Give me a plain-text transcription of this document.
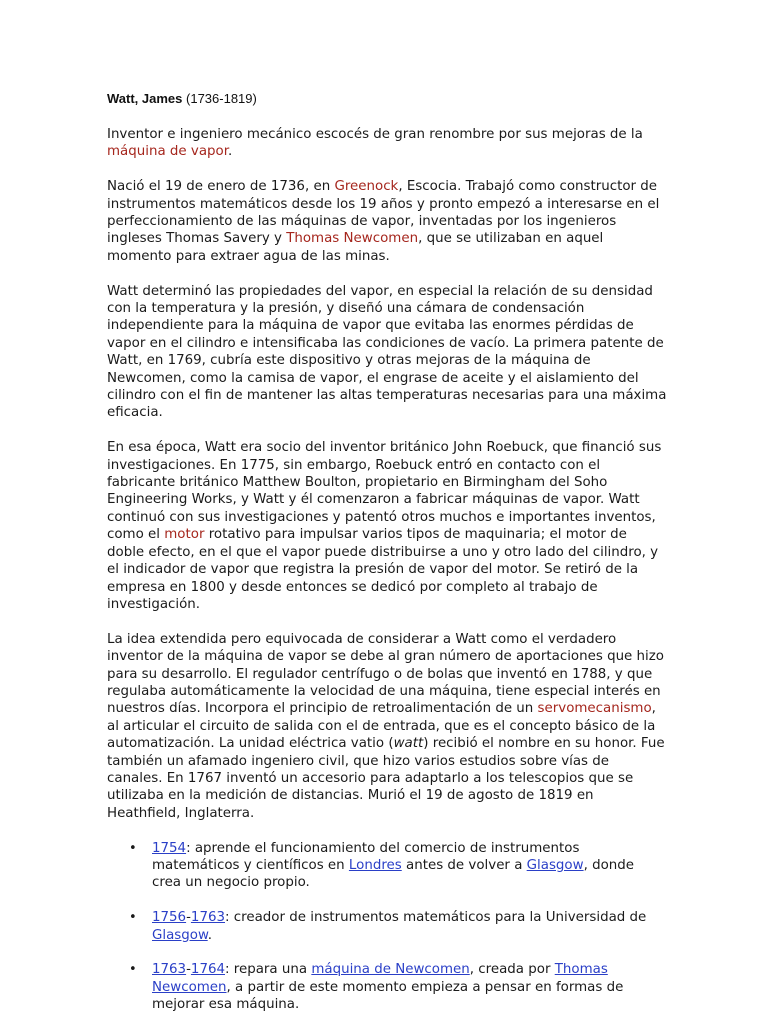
Watt, James (1736-1819)

Inventor e ingeniero mecánico escocés de gran renombre por sus mejoras de la máquina de vapor.

Nació el 19 de enero de 1736, en Greenock, Escocia. Trabajó como constructor de instrumentos matemáticos desde los 19 años y pronto empezó a interesarse en el perfeccionamiento de las máquinas de vapor, inventadas por los ingenieros ingleses Thomas Savery y Thomas Newcomen, que se utilizaban en aquel momento para extraer agua de las minas.

Watt determinó las propiedades del vapor, en especial la relación de su densidad con la temperatura y la presión, y diseñó una cámara de condensación independiente para la máquina de vapor que evitaba las enormes pérdidas de vapor en el cilindro e intensificaba las condiciones de vacío. La primera patente de Watt, en 1769, cubría este dispositivo y otras mejoras de la máquina de Newcomen, como la camisa de vapor, el engrase de aceite y el aislamiento del cilindro con el fin de mantener las altas temperaturas necesarias para una máxima eficacia.

En esa época, Watt era socio del inventor británico John Roebuck, que financió sus investigaciones. En 1775, sin embargo, Roebuck entró en contacto con el fabricante británico Matthew Boulton, propietario en Birmingham del Soho Engineering Works, y Watt y él comenzaron a fabricar máquinas de vapor. Watt continuó con sus investigaciones y patentó otros muchos e importantes inventos, como el motor rotativo para impulsar varios tipos de maquinaria; el motor de doble efecto, en el que el vapor puede distribuirse a uno y otro lado del cilindro, y el indicador de vapor que registra la presión de vapor del motor. Se retiró de la empresa en 1800 y desde entonces se dedicó por completo al trabajo de investigación.

La idea extendida pero equivocada de considerar a Watt como el verdadero inventor de la máquina de vapor se debe al gran número de aportaciones que hizo para su desarrollo. El regulador centrífugo o de bolas que inventó en 1788, y que regulaba automáticamente la velocidad de una máquina, tiene especial interés en nuestros días. Incorpora el principio de retroalimentación de un servomecanismo, al articular el circuito de salida con el de entrada, que es el concepto básico de la automatización. La unidad eléctrica vatio (watt) recibió el nombre en su honor. Fue también un afamado ingeniero civil, que hizo varios estudios sobre vías de canales. En 1767 inventó un accesorio para adaptarlo a los telescopios que se utilizaba en la medición de distancias. Murió el 19 de agosto de 1819 en Heathfield, Inglaterra.

• 1754: aprende el funcionamiento del comercio de instrumentos matemáticos y científicos en Londres antes de volver a Glasgow, donde crea un negocio propio.
• 1756-1763: creador de instrumentos matemáticos para la Universidad de Glasgow.
• 1763-1764: repara una máquina de Newcomen, creada por Thomas Newcomen, a partir de este momento empieza a pensar en formas de mejorar esa máquina.
